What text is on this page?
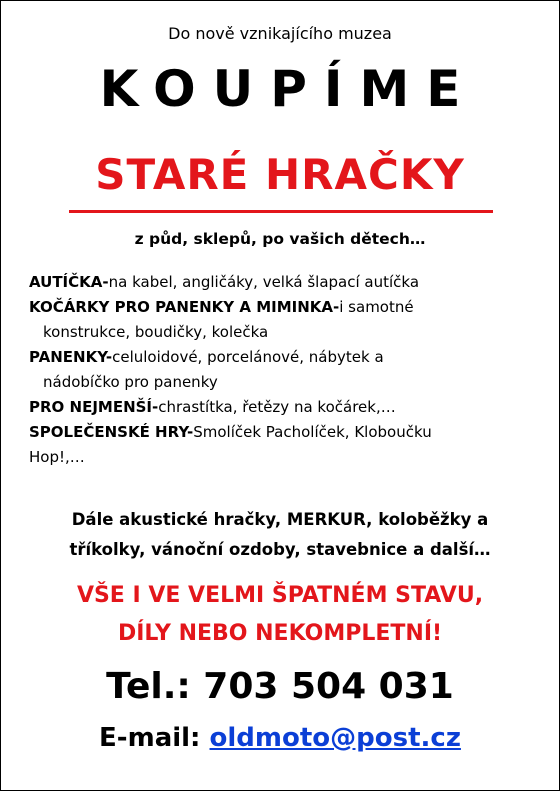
Do nově vznikajícího muzea
KOUPÍME
STARÉ HRAČKY
z půd, sklepů, po vašich dětech…
AUTÍČKA-na kabel, angličáky, velká šlapací autíčka
KOČÁRKY PRO PANENKY A MIMINKA-i samotné
konstrukce, boudičky, kolečka
PANENKY-celuloidové, porcelánové, nábytek a
nádobíčko pro panenky
PRO NEJMENŠÍ-chrastítka, řetězy na kočárek,…
SPOLEČENSKÉ HRY-Smolíček Pacholíček, Kloboučku
Hop!,…
Dále akustické hračky, MERKUR, koloběžky a
tříkolky, vánoční ozdoby, stavebnice a další…
VŠE I VE VELMI ŠPATNÉM STAVU,
DÍLY NEBO NEKOMPLETNÍ!
Tel.: 703 504 031
E-mail: oldmoto@post.cz
